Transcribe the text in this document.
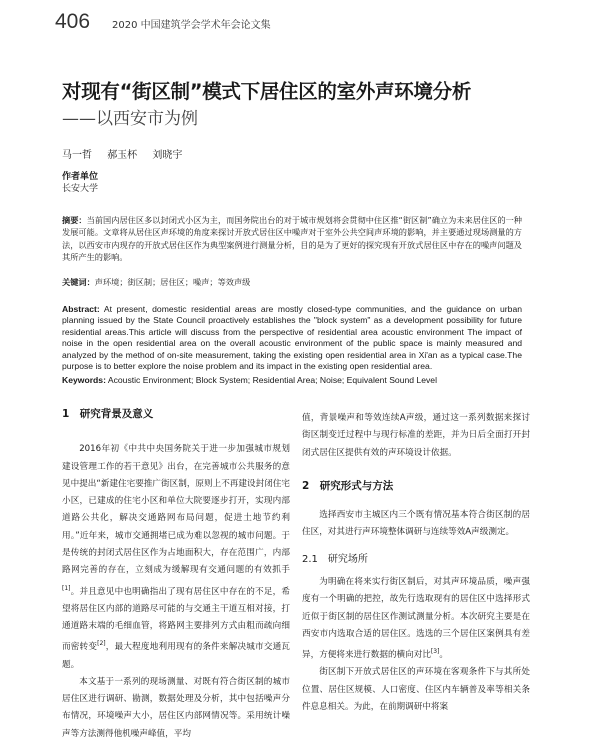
406 2020 中国建筑学会学术年会论文集
对现有“街区制”模式下居住区的室外声环境分析
——以西安市为例
马一哲 郝玉杯 刘晓宇
作者单位
长安大学
摘要：当前国内居住区多以封闭式小区为主，而国务院出台的对于城市规划将会贯彻中住区推“街区制”确立为未来居住区的一种发展可能。文章将从居住区声环境的角度来探讨开放式居住区中噪声对于室外公共空间声环境的影响，并主要通过现场测量的方法，以西安市内现存的开放式居住区作为典型案例进行测量分析，目的是为了更好的探究现有开放式居住区中存在的噪声问题及其所产生的影响。
关键词：声环境；街区制；居住区；噪声；等效声级
Abstract: At present, domestic residential areas are mostly closed-type communities, and the guidance on urban planning issued by the State Council proactively establishes the "block system" as a development possibility for future residential areas.This article will discuss from the perspective of residential area acoustic environment The impact of noise in the open residential area on the overall acoustic environment of the public space is mainly measured and analyzed by the method of on-site measurement, taking the existing open residential area in Xi'an as a typical case.The purpose is to better explore the noise problem and its impact in the existing open residential area.
Keywords: Acoustic Environment; Block System; Residential Area; Noise; Equivalent Sound Level

1　研究背景及意义

2016年初《中共中央国务院关于进一步加强城市规划建设管理工作的若干意见》出台，在完善城市公共服务的意见中提出“新建住宅要推广街区制，原则上不再建设封闭住宅小区，已建成的住宅小区和单位大院要逐步打开，实现内部道路公共化，解决交通路网布局问题，促进土地节约利用。”近年来，城市交通拥堵已成为难以忽视的城市问题。于是传统的封闭式居住区作为占地面积大，存在范围广，内部路网完善的存在，立刻成为缓解现有交通问题的有效抓手[1]。并且意见中也明确指出了现有居住区中存在的不足，希望将居住区内部的道路尽可能的与交通主干道互相对接，打通道路末端的毛细血管，将路网主要排列方式由粗而疏向细而密转变[2]，最大程度地利用现有的条件来解决城市交通瓦题。

本文基于一系列的现场测量、对既有符合街区制的城市居住区进行调研、勘测，数据处理及分析，其中包括噪声分布情况，环境噪声大小，居住区内部网情况等。采用统计噪声等方法测得他机噪声峰值，平均

值，背景噪声和等效连续A声级，通过这一系列数据来探讨街区制变迁过程中与现行标准的差距，并为日后全面打开封闭式居住区提供有效的声环境设计依据。

2　研究形式与方法

选择西安市主城区内三个既有情况基本符合街区制的居住区，对其进行声环境整体调研与连续等效A声级测定。

2.1　研究场所

为明确在将来实行街区制后，对其声环境品质，噪声强度有一个明确的把控，故先行选取现有的居住区中选择形式近似于街区制的居住区作测试测量分析。本次研究主要是在西安市内选取合适的居住区。选选的三个居住区案例具有差异，方便将来进行数据的横向对比[3]。

街区制下开放式居住区的声环境在客观条件下与其所处位置、居住区规模、人口密度、住区内车辆普及率等相关条件息息相关。为此，在前期调研中将案
